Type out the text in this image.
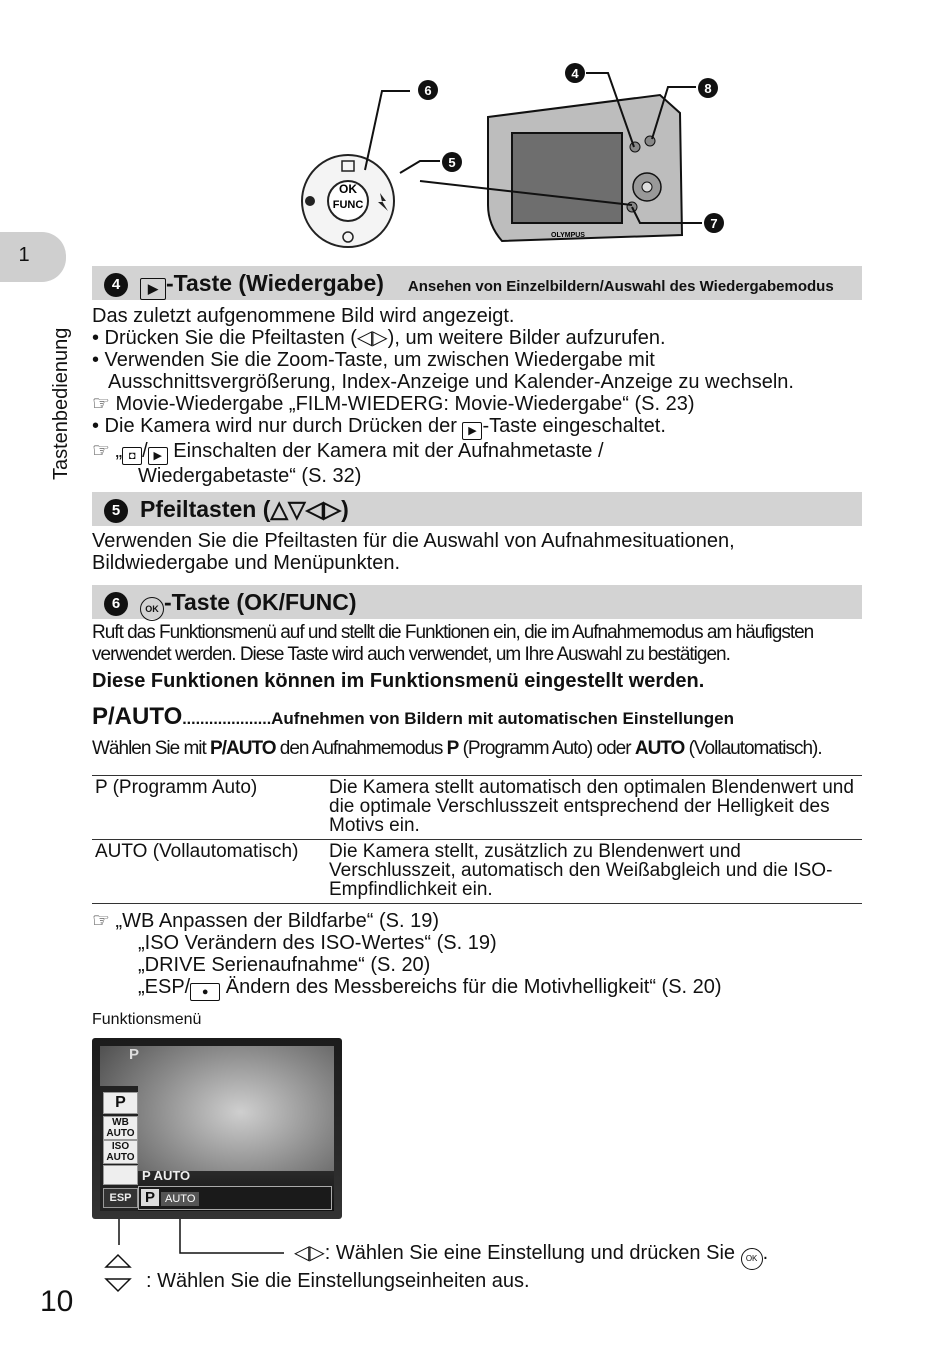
1
Tastenbedienung
OK
FUNC
6
5
OLYMPUS
4
8
7
4 ▶ -Taste (Wiedergabe) Ansehen von Einzelbildern/Auswahl des Wiedergabemodus
Das zuletzt aufgenommene Bild wird angezeigt.
• Drücken Sie die Pfeiltasten (◁▷), um weitere Bilder aufzurufen.
• Verwenden Sie die Zoom-Taste, um zwischen Wiedergabe mit
Ausschnittsvergrößerung, Index-Anzeige und Kalender-Anzeige zu wechseln.
☞ Movie-Wiedergabe „FILM-WIEDERG: Movie-Wiedergabe“ (S. 23)
• Die Kamera wird nur durch Drücken der ▶ -Taste eingeschaltet.
☞ „ ◘ / ▶ Einschalten der Kamera mit der Aufnahmetaste /
Wiedergabetaste“ (S. 32)
5 Pfeiltasten (△▽◁▷)
Verwenden Sie die Pfeiltasten für die Auswahl von Aufnahmesituationen,
Bildwiedergabe und Menüpunkten.
6	OK -Taste (OK/FUNC)
Ruft das Funktionsmenü auf und stellt die Funktionen ein, die im Aufnahmemodus am häufigsten
verwendet werden. Diese Taste wird auch verwendet, um Ihre Auswahl zu bestätigen.
Diese Funktionen können im Funktionsmenü eingestellt werden.
P/AUTO....................Aufnehmen von Bildern mit automatischen Einstellungen
Wählen Sie mit P/AUTO den Aufnahmemodus P (Programm Auto) oder AUTO (Vollautomatisch).
P (Programm Auto)	Die Kamera stellt automatisch den optimalen Blendenwert und die optimale Verschlusszeit entsprechend der Helligkeit des Motivs ein.
AUTO (Vollautomatisch)	Die Kamera stellt, zusätzlich zu Blendenwert und Verschlusszeit, automatisch den Weißabgleich und die ISO-Empfindlichkeit ein.
☞ „WB Anpassen der Bildfarbe“ (S. 19)
„ISO Verändern des ISO-Wertes“ (S. 19)
„DRIVE Serienaufnahme“ (S. 20)
„ESP/ ● Ändern des Messbereichs für die Motivhelligkeit“ (S. 20)
Funktionsmenü
P
P
WB AUTO
ISO AUTO
ESP
P AUTO
P AUTO
◁▷: Wählen Sie eine Einstellung und drücken Sie OK .
: Wählen Sie die Einstellungseinheiten aus.
10
